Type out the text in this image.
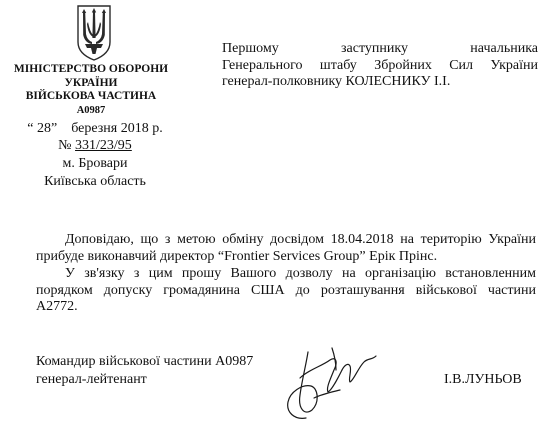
МІНІСТЕРСТВО ОБОРОНИ
УКРАЇНИ
ВІЙСЬКОВА ЧАСТИНА
А0987
“ 28” березня 2018 р.
№ 331/23/95
м. Бровари
Київська область
Першому заступнику начальника
Генерального штабу Збройних Сил України
генерал-полковнику КОЛЕСНИКУ І.І.
Доповідаю, що з метою обміну досвідом 18.04.2018 на територію України
прибуде виконавчий директор “Frontier Services Group” Ерік Прінс.
У зв'язку з цим прошу Вашого дозволу на організацію встановленним
порядком допуску громадянина США до розташування військової частини
А2772.
Командир військової частини А0987
генерал-лейтенант	І.В.ЛУНЬОВ
